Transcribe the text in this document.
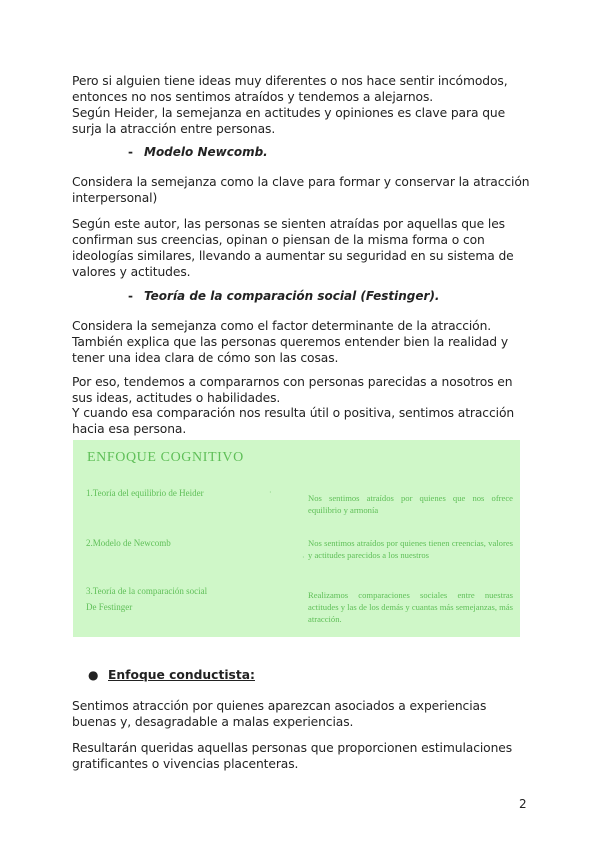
Pero si alguien tiene ideas muy diferentes o nos hace sentir incómodos, entonces no nos sentimos atraídos y tendemos a alejarnos.
Según Heider, la semejanza en actitudes y opiniones es clave para que surja la atracción entre personas.
- Modelo Newcomb.
Considera la semejanza como la clave para formar y conservar la atracción interpersonal)
Según este autor, las personas se sienten atraídas por aquellas que les confirman sus creencias, opinan o piensan de la misma forma o con ideologías similares, llevando a aumentar su seguridad en su sistema de valores y actitudes.
- Teoría de la comparación social (Festinger).
Considera la semejanza como el factor determinante de la atracción. También explica que las personas queremos entender bien la realidad y tener una idea clara de cómo son las cosas.
Por eso, tendemos a compararnos con personas parecidas a nosotros en sus ideas, actitudes o habilidades.
Y cuando esa comparación nos resulta útil o positiva, sentimos atracción hacia esa persona.
ENFOQUE COGNITIVO
1.Teoría del equilibrio de Heider	·
Nos sentimos atraídos por quienes que nos ofrece equilibrio y armonía
2.Modelo de Newcomb	Nos sentimos atraídos por quienes tienen creencias, valores y actitudes parecidos a los nuestros
·
3.Teoría de la comparación social
De Festinger
Realizamos comparaciones sociales entre nuestras actitudes y las de los demás y cuantas más semejanzas, más atracción.
● Enfoque conductista:
Sentimos atracción por quienes aparezcan asociados a experiencias buenas y, desagradable a malas experiencias.
Resultarán queridas aquellas personas que proporcionen estimulaciones gratificantes o vivencias placenteras.
2
